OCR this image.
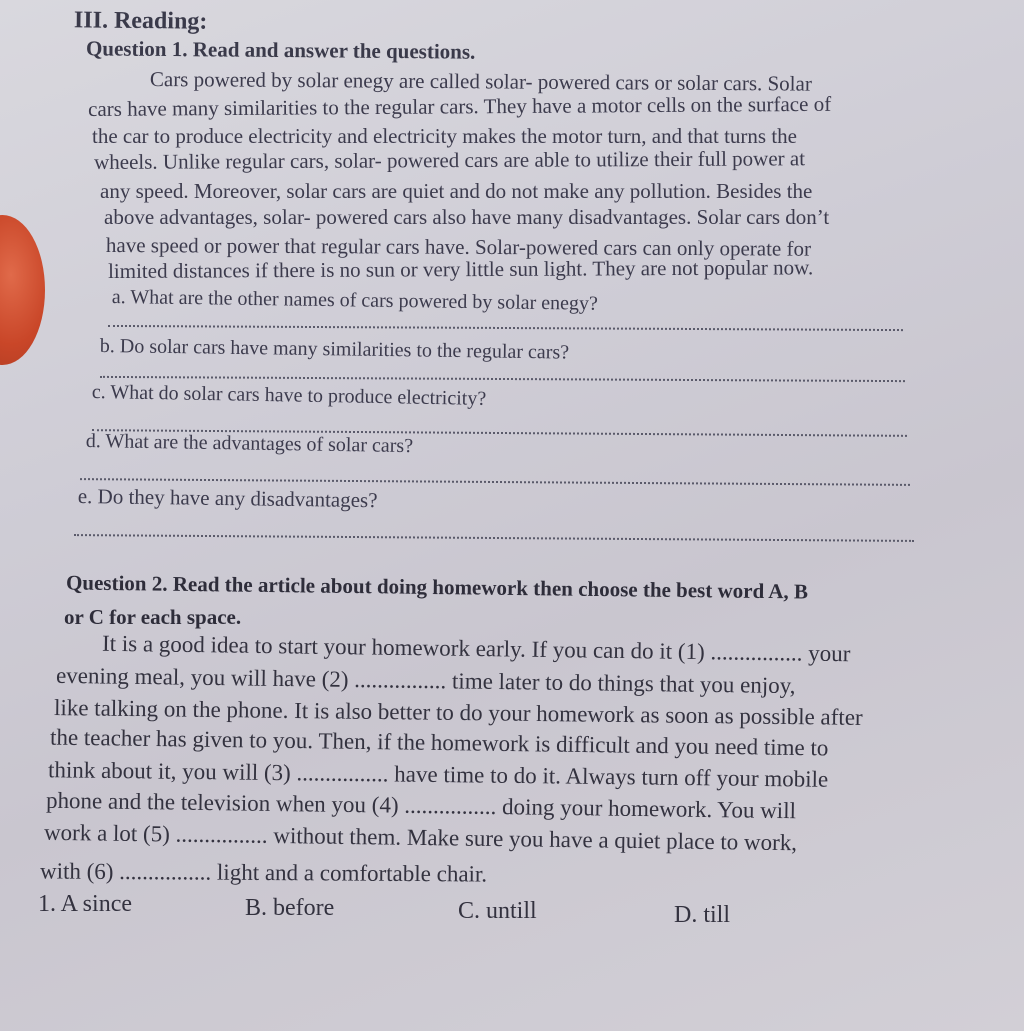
III. Reading:
Question 1. Read and answer the questions.
Cars powered by solar enegy are called solar- powered cars or solar cars. Solar
cars have many similarities to the regular cars. They have a motor cells on the surface of
the car to produce electricity and electricity makes the motor turn, and that turns the
wheels. Unlike regular cars, solar- powered cars are able to utilize their full power at
any speed. Moreover, solar cars are quiet and do not make any pollution. Besides the
above advantages, solar- powered cars also have many disadvantages. Solar cars don’t
have speed or power that regular cars have. Solar-powered cars can only operate for
limited distances if there is no sun or very little sun light. They are not popular now.
a. What are the other names of cars powered by solar enegy?
b. Do solar cars have many similarities to the regular cars?
c. What do solar cars have to produce electricity?
d. What are the advantages of solar cars?
e. Do they have any disadvantages?
Question 2. Read the article about doing homework then choose the best word A, B
or C for each space.
It is a good idea to start your homework early. If you can do it (1) ................ your
evening meal, you will have (2) ................ time later to do things that you enjoy,
like talking on the phone. It is also better to do your homework as soon as possible after
the teacher has given to you. Then, if the homework is difficult and you need time to
think about it, you will (3) ................ have time to do it. Always turn off your mobile
phone and the television when you (4) ................ doing your homework. You will
work a lot (5) ................ without them. Make sure you have a quiet place to work,
with (6) ................ light and a comfortable chair.
1. A since	B. before	C. untill	D. till
